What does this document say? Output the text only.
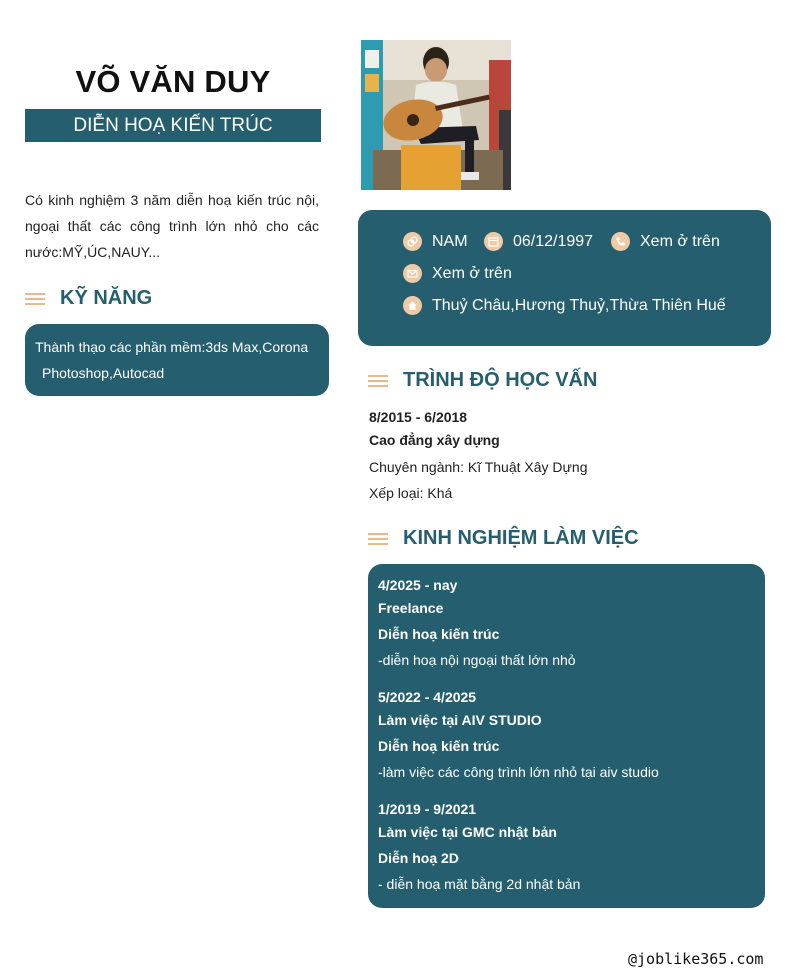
VÕ VĂN DUY
DIỄN HOẠ KIẾN TRÚC
Có kinh nghiệm 3 năm diễn hoạ kiến trúc nội, ngoại thất các công trình lớn nhỏ cho các nước:MỸ,ÚC,NAUY...
KỸ NĂNG
Thành thạo các phần mềm:3ds Max,Corona
Photoshop,Autocad
NAM	06/12/1997	Xem ở trên
Xem ở trên
Thuỷ Châu,Hương Thuỷ,Thừa Thiên Huế
TRÌNH ĐỘ HỌC VẤN
8/2015 - 6/2018
Cao đẳng xây dựng
Chuyên ngành: Kĩ Thuật Xây Dựng
Xếp loại: Khá
KINH NGHIỆM LÀM VIỆC
4/2025 - nay
Freelance
Diễn hoạ kiến trúc
-diễn hoạ nội ngoại thất lớn nhỏ
5/2022 - 4/2025
Làm việc tại AIV STUDIO
Diễn hoạ kiến trúc
-làm việc các công trình lớn nhỏ tại aiv studio
1/2019 - 9/2021
Làm việc tại GMC nhật bản
Diễn hoạ 2D
- diễn hoạ mặt bằng 2d nhật bản
@joblike365.com
